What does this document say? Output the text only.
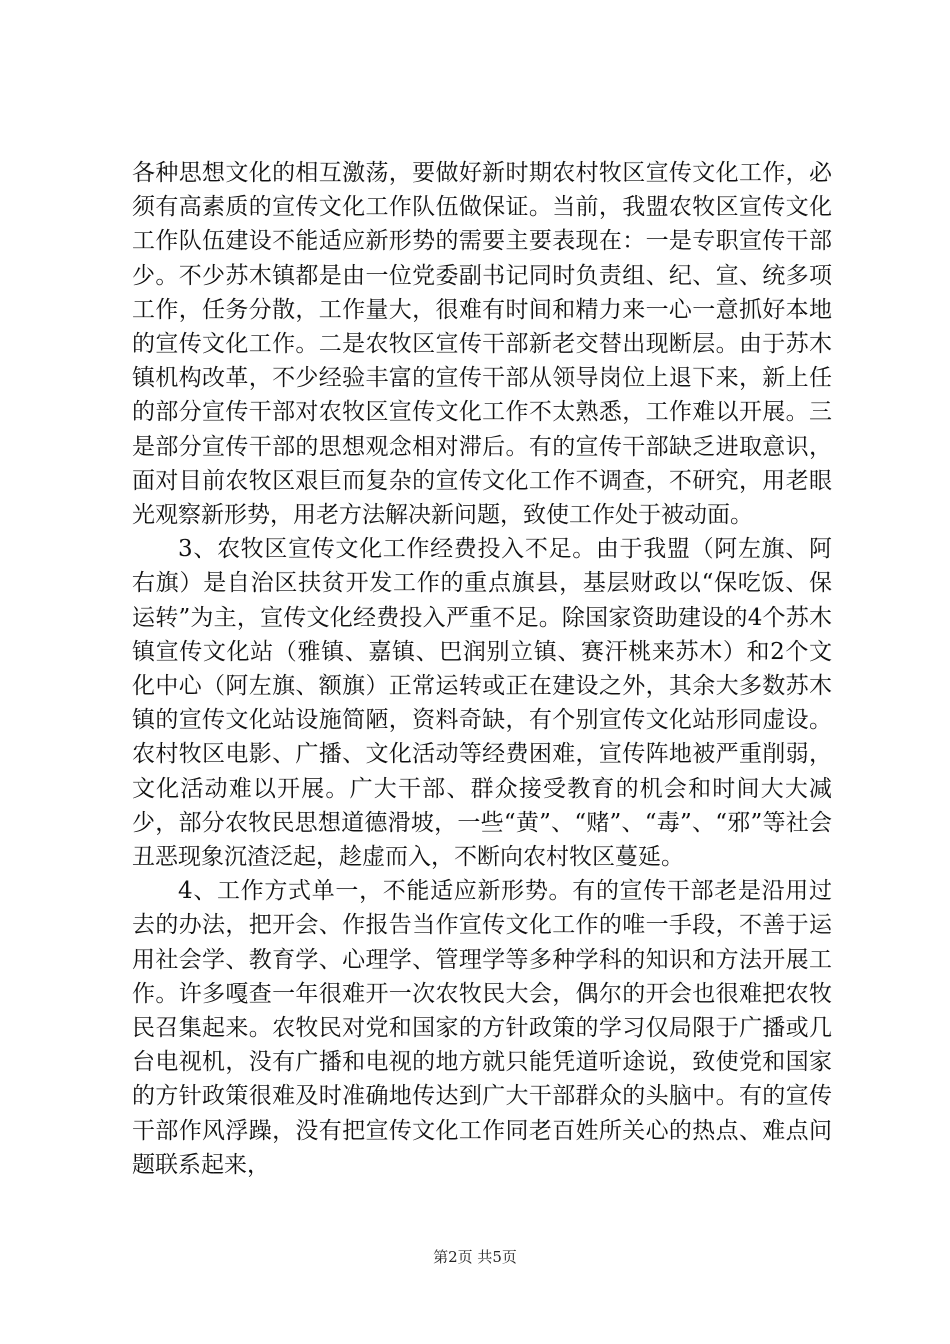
各种思想文化的相互激荡，要做好新时期农村牧区宣传文化工作，必须有高素质的宣传文化工作队伍做保证。当前，我盟农牧区宣传文化工作队伍建设不能适应新形势的需要主要表现在：一是专职宣传干部少。不少苏木镇都是由一位党委副书记同时负责组、纪、宣、统多项工作，任务分散，工作量大，很难有时间和精力来一心一意抓好本地的宣传文化工作。二是农牧区宣传干部新老交替出现断层。由于苏木镇机构改革，不少经验丰富的宣传干部从领导岗位上退下来，新上任的部分宣传干部对农牧区宣传文化工作不太熟悉，工作难以开展。三是部分宣传干部的思想观念相对滞后。有的宣传干部缺乏进取意识，面对目前农牧区艰巨而复杂的宣传文化工作不调查，不研究，用老眼光观察新形势，用老方法解决新问题，致使工作处于被动面。

3、农牧区宣传文化工作经费投入不足。由于我盟（阿左旗、阿右旗）是自治区扶贫开发工作的重点旗县，基层财政以“保吃饭、保运转”为主，宣传文化经费投入严重不足。除国家资助建设的4个苏木镇宣传文化站（雅镇、嘉镇、巴润别立镇、赛汗桃来苏木）和2个文化中心（阿左旗、额旗）正常运转或正在建设之外，其余大多数苏木镇的宣传文化站设施简陋，资料奇缺，有个别宣传文化站形同虚设。农村牧区电影、广播、文化活动等经费困难，宣传阵地被严重削弱，文化活动难以开展。广大干部、群众接受教育的机会和时间大大减少，部分农牧民思想道德滑坡，一些“黄”、“赌”、“毒”、“邪”等社会丑恶现象沉渣泛起，趁虚而入，不断向农村牧区蔓延。

4、工作方式单一，不能适应新形势。有的宣传干部老是沿用过去的办法，把开会、作报告当作宣传文化工作的唯一手段，不善于运用社会学、教育学、心理学、管理学等多种学科的知识和方法开展工作。许多嘎查一年很难开一次农牧民大会，偶尔的开会也很难把农牧民召集起来。农牧民对党和国家的方针政策的学习仅局限于广播或几台电视机，没有广播和电视的地方就只能凭道听途说，致使党和国家的方针政策很难及时准确地传达到广大干部群众的头脑中。有的宣传干部作风浮躁，没有把宣传文化工作同老百姓所关心的热点、难点问题联系起来，

第2页 共5页
